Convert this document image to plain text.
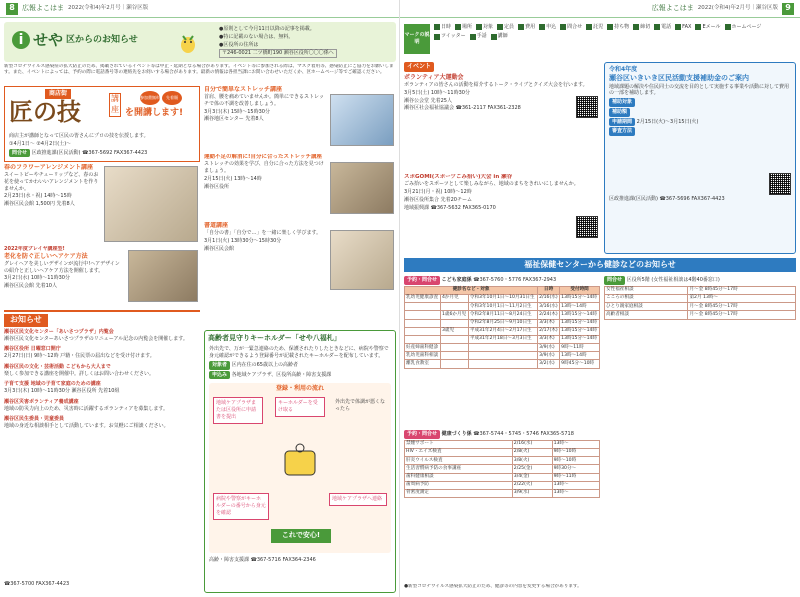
8	広報よこはま 2022(令和4)年2月号｜瀬谷区版
i せや 区からのお知らせ

●原則として今月11日以降の記事を掲載。

●特に記載のない場合は、無料。

●区役所の住所は

〒246-0021 二ツ橋町190 瀬谷区役所〇〇〇係へ

新型コロナウイルス感染症の拡大防止のため、掲載されているイベント等は中止・延期となる場合があります。イベント等に参加される際は、マスク着用等、感染防止にご協力をお願いします。また、イベントによっては、予約の際に電話番号等の連絡先をお伺いする場合があります。最新の情報は各担当課にお問い合わせいただくか、区ホームページ等でご確認ください。
商店街
匠の技	講座 を開講します!
参加費無料	先着順

商店主が講師となって区民の皆さんにプロの技を伝授します。

①4月1日〜 ②4月2日(土)〜

問合せ 区政推進課(区民活動) ☎367-5692 FAX367-4423

春のフラワーアレンジメント講座

スイートピーやチューリップなど、春のお花を使ってかわいいアレンジメントを作りませんか。

2月23日(水・祝) 14時〜15時

瀬谷区民会館 1,500円 先着8人

2022年度プレイヤ講座型!
老化を防ぐ正しいヘアケア方法

グレイヘアを美しいデザインが流行中!ヘアデザインの紹介と正しいヘアケア方法を開催します。

3月2日(水) 10時〜11時30分

瀬谷区民会館 先着10人

自分で簡単なストレッチ講座

首肩、腰を痛めていませんか。簡単にできるストレッチで体の不調を改善しましょう。

3月3日(木) 15時〜15時30分

瀬谷地区センター 先着8人

運動不足の解消に!自分に合ったストレッチ講座

ストレッチの効果を学び、自分に合った方法を見つけましょう。

2月15日(火) 13時〜14時

瀬谷区役所

書道講座

「自分の書」「自分で…」を一緒に楽しく学びます。

3月1日(火) 13時30分〜15時30分

瀬谷区民会館

お知らせ
瀬谷区民文化センター「あいさつプラザ」内覧会

瀬谷区民文化センターあいさつプラザのリニューアル記念の内覧会を開催します。

瀬谷区役所 日曜窓口開庁

2月27日(日) 9時〜12時 戸籍・住民票の届出などを受け付けます。

瀬谷区民の文化・芸術活動 こどもから大人まで

楽しく参加できる講座を開催中。詳しくはお問い合わせください。

子育て支援 地域の子育て家庭のための講座

3月3日(木) 10時〜11時30分 瀬谷区役所 先着10組

瀬谷区災害ボランティア養成講座

地域の防災力向上のため、災害時に活躍するボランティアを募集します。

瀬谷区民生委員・児童委員

地域の身近な相談相手として活動しています。お気軽にご相談ください。

☎367-5700 FAX367-4423

高齢者見守りキーホルダー「せや八福札」

外出先で、万が一緊急連絡のため、保護されたりしたときなどに、病院や警察で身元確認ができるよう登録番号が記載されたキーホルダーを配布しています。

対象者 区内在住の65歳以上の高齢者

申込み 各地域ケアプラザ、区役所高齢・障害支援課

登録・利用の流れ
地域ケアプラザまたは区役所に申請書を提出
キーホルダーを受け取る
外出先で体調が悪くなったら
病院や警察がキーホルダーの番号から身元を確認
地域ケアプラザへ連絡
これで安心!

高齢・障害支援課 ☎367-5716 FAX364-2346

広報よこはま 2022(令和4)年2月号｜瀬谷区版 9
マークの説明
日時 場所 対象 定員 費用 申込 問合せ 託児 持ち物 締切 電話 FAX Eメール ホームページ
ツイッター 手話 講師
イベント
ボランティア大運動会

ボランティアの皆さんの活動を紹介するトーク・ライブとクイズ大会を行います。

3月5日(土) 10時〜11時30分

瀬谷公会堂 先着25人

瀬谷区社会福祉協議会 ☎361-2117 FAX361-2328

スポGOMI(スポーツごみ拾い)大会 in 瀬谷

ごみ拾いをスポーツとして楽しみながら、地域のまちをきれいにしませんか。

3月21日(月・祝) 10時〜12時

瀬谷区役所集合 先着20チーム

地域振興課 ☎367-5632 FAX365-0170

令和4年度
瀬谷区いきいき区民活動支援補助金のご案内

地域課題の解決や住民同士の交流を目的として実施する事業や活動に対して費用の一部を補助します。

補助対象

補助額

申請期間 2月15日(火)〜3月15日(火)

審査方法

区政推進課(区民活動) ☎367-5696 FAX367-4423

福祉保健センターから健診などのお知らせ

予約・問合せ こども家庭係 ☎367-5760・5776 FAX367-2943

健診名など・対象			日時	受付時間
乳幼児健康診査	4か月児	令和3年10月1日〜10月31日生	2/16(水)	13時15分〜14時
		令和3年10月1日〜11月2日生	3/16(水)	13時〜14時
	1歳6か月児	令和2年8月11日〜8月24日生	2/24(木)	13時15分〜14時
		令和2年8月25日〜9月10日生	3/3(木)	13時15分〜14時
	3歳児	平成31年2月4日〜2月17日生	2/17(木)	13時15分〜14時
		平成31年2月18日〜3月3日生	3/3(木)	13時15分〜14時
妊産婦歯科健診			3/9(水)	9時〜11時
乳幼児歯科相談			3/9(水)	13時〜14時
離乳食教室			3/2(水)	9時45分〜10時

予約・問合せ 健康づくり係 ☎367-5744・5745・5746 FAX365-5718

禁煙サポート	2/16(水)	13時〜
HIV・エイズ検査	2/8(火)	9時〜10時
肝炎ウイルス検査	3/8(火)	9時〜10時
生活習慣病予防の食事講座	2/25(金)	9時30分〜
歯科健康相談	3/4(金)	9時〜11時
歯周病予防	2/22(火)	13時〜
骨密度測定	3/9(水)	13時〜

問合せ 区役所5階 (女性福祉相談は4階40番窓口)

女性福祉相談	月〜金 8時45分〜17時
こころの相談	第2月 13時〜
ひとり親家庭相談	月〜金 8時45分〜17時
高齢者相談	月〜金 8時45分〜17時
●新型コロナウイルス感染拡大防止のため、健診等の内容を変更する場合があります。
